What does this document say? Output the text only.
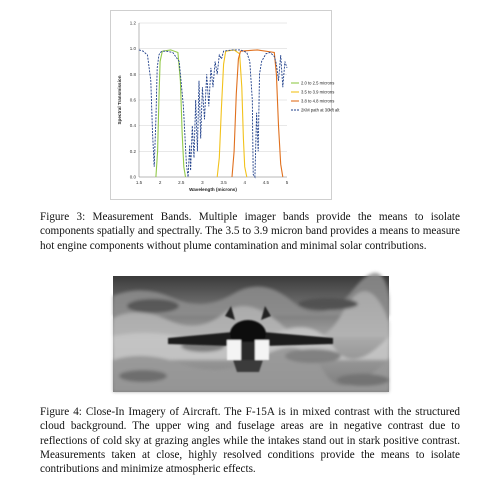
0.0
0.2
0.4
0.6
0.8
1.0
1.2
1.5	2	2.5	3	3.5	4	4.5	5
Wavelength (microns)
Spectral Transmission	2.0 to 2.5 microns
3.5 to 3.9 microns
3.8 to 4.8 microns
2KM path at 30kft alt
Figure 3: Measurement Bands. Multiple imager bands provide the means to isolate components spatially and spectrally. The 3.5 to 3.9 micron band provides a means to measure hot engine components without plume contamination and minimal solar contributions.
Figure 4: Close-In Imagery of Aircraft. The F-15A is in mixed contrast with the structured cloud background. The upper wing and fuselage areas are in negative contrast due to reflections of cold sky at grazing angles while the intakes stand out in stark positive contrast. Measurements taken at close, highly resolved conditions provide the means to isolate contributions and minimize atmospheric effects.
